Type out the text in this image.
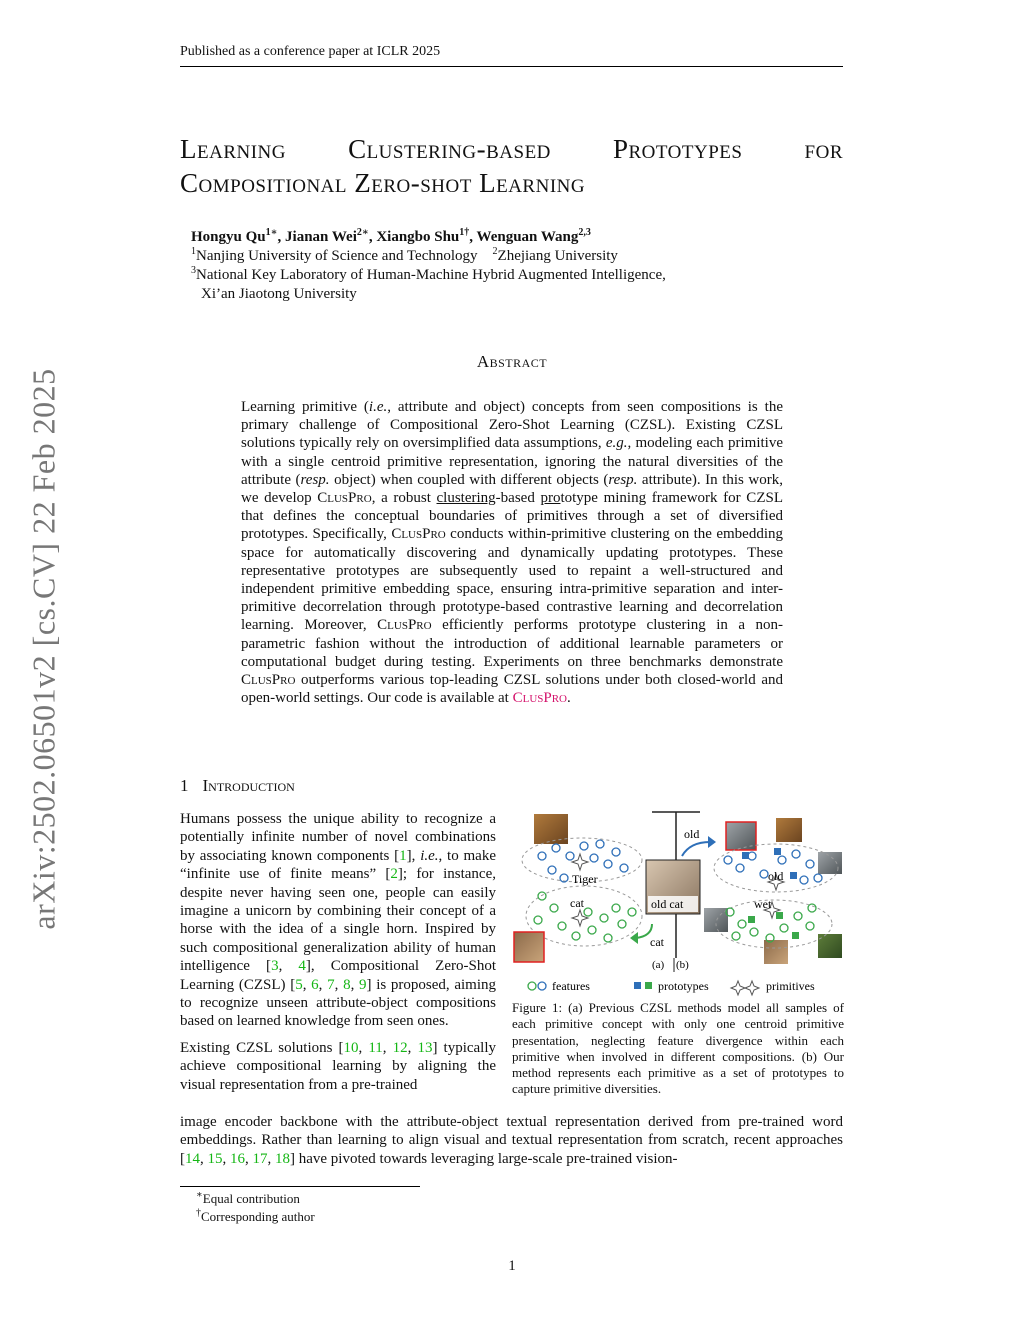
arXiv:2502.06501v2 [cs.CV] 22 Feb 2025
Published as a conference paper at ICLR 2025
Learning Clustering-based Prototypes for
Compositional Zero-shot Learning
Hongyu $Qu^{1∗}$, Jianan Wei$^{2∗}$, Xiangbo Shu$^{1\dagger}$, Wenguan Wang$^{2,3}$
$^1$Nanjing University of Science and Technology $^2$Zhejiang University
$^3$National Key Laboratory of Human-Machine Hybrid Augmented Intelligence,
Xi’an Jiaotong University
Abstract
Learning primitive (i.e., attribute and object) concepts from seen compositions is the primary challenge of Compositional Zero-Shot Learning (CZSL). Existing CZSL solutions typically rely on oversimplified data assumptions, e.g., modeling each primitive with a single centroid primitive representation, ignoring the natural diversities of the attribute (resp. object) when coupled with different objects (resp. attribute). In this work, we develop ClusPro, a robust clustering-based prototype mining framework for CZSL that defines the conceptual boundaries of primitives through a set of diversified prototypes. Specifically, ClusPro conducts within-primitive clustering on the embedding space for automatically discovering and dynamically updating prototypes. These representative prototypes are subsequently used to repaint a well-structured and independent primitive embedding space, ensuring intra-primitive separation and inter-primitive decorrelation through prototype-based contrastive learning and decorrelation learning. Moreover, ClusPro efficiently performs prototype clustering in a non-parametric fashion without the introduction of additional learnable parameters or computational budget during testing. Experiments on three benchmarks demonstrate ClusPro outperforms various top-leading CZSL solutions under both closed-world and open-world settings. Our code is available at ClusPro.
1 Introduction

Humans possess the unique ability to recognize a potentially infinite number of novel combinations by associating known components [1], i.e., to make “infinite use of finite means” [2]; for instance, despite never having seen one, people can easily imagine a unicorn by combining their concept of a horse with the idea of a single horn. Inspired by such compositional generalization ability of human intelligence [3, 4], Compositional Zero-Shot Learning (CZSL) [5, 6, 7, 8, 9] is proposed, aiming to recognize unseen attribute-object compositions based on learned knowledge from seen ones.

Existing CZSL solutions [10, 11, 12, 13] typically achieve compositional learning by aligning the visual representation from a pre-trained

image encoder backbone with the attribute-object textual representation derived from pre-trained word embeddings. Rather than learning to align visual and textual representation from scratch, recent approaches [14, 15, 16, 17, 18] have pivoted towards leveraging large-scale pre-trained vision-
Tiger
cat	old cat
old
cat
(a) (b)
old
wet
features	prototypes	primitives
Figure 1: (a) Previous CZSL methods model all samples of each primitive concept with only one centroid primitive presentation, neglecting feature divergence within each primitive when involved in different compositions. (b) Our method represents each primitive as a set of prototypes to capture primitive diversities.
∗Equal contribution
†Corresponding author
1
